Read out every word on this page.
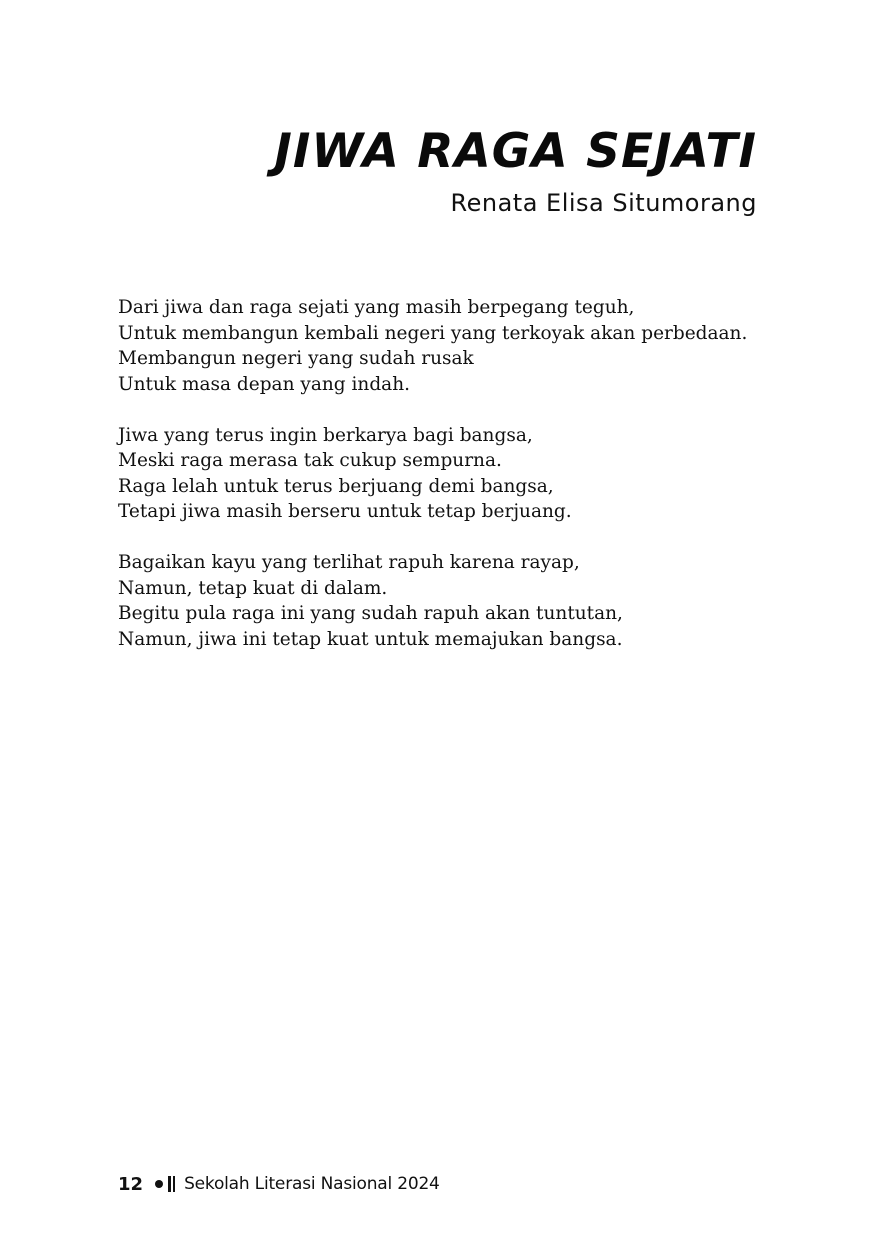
JIWA RAGA SEJATI
Renata Elisa Situmorang
Dari jiwa dan raga sejati yang masih berpegang teguh,
Untuk membangun kembali negeri yang terkoyak akan perbedaan.
Membangun negeri yang sudah rusak
Untuk masa depan yang indah.
Jiwa yang terus ingin berkarya bagi bangsa,
Meski raga merasa tak cukup sempurna.
Raga lelah untuk terus berjuang demi bangsa,
Tetapi jiwa masih berseru untuk tetap berjuang.
Bagaikan kayu yang terlihat rapuh karena rayap,
Namun, tetap kuat di dalam.
Begitu pula raga ini yang sudah rapuh akan tuntutan,
Namun, jiwa ini tetap kuat untuk memajukan bangsa.
12 Sekolah Literasi Nasional 2024
